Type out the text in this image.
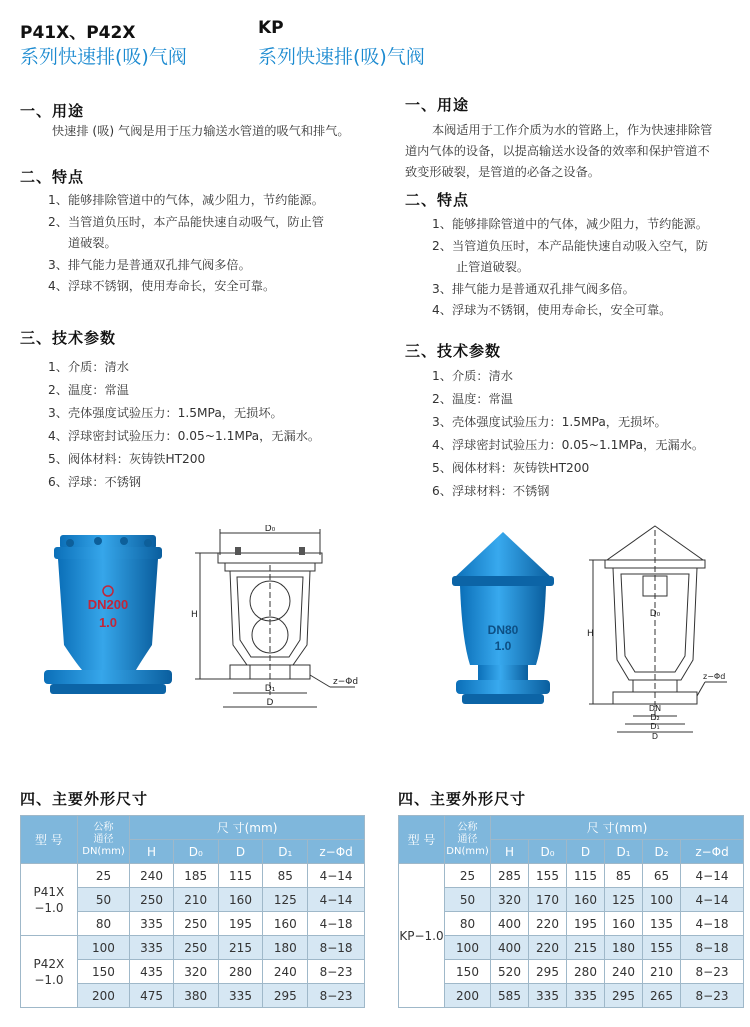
P41X、P42X
系列快速排(吸)气阀
一、用途
快速排 (吸) 气阀是用于压力输送水管道的吸气和排气。
二、特点
1、能够排除管道中的气体，减少阻力，节约能源。
2、当管道负压时，本产品能快速自动吸气，防止管
道破裂。
3、排气能力是普通双孔排气阀多倍。
4、浮球不锈钢，使用寿命长，安全可靠。
三、技术参数
1、介质：清水
2、温度：常温
3、壳体强度试验压力：1.5MPa，无损坏。
4、浮球密封试验压力：0.05~1.1MPa，无漏水。
5、阀体材料：灰铸铁HT200
6、浮球：不锈钢
DN200
1.0
D₀
H
D₁
D
z−Φd
四、主要外形尺寸
型 号	公称
通径
DN(mm)	尺 寸(mm)				
		H	D₀	D	D₁	z−Φd
P41X
−1.0	25	240	185	115	85	4−14
	50	250	210	160	125	4−14
	80	335	250	195	160	4−18
P42X
−1.0	100	335	250	215	180	8−18
	150	435	320	280	240	8−23
	200	475	380	335	295	8−23
KP
系列快速排(吸)气阀
一、用途
本阀适用于工作介质为水的管路上，作为快速排除管
道内气体的设备，以提高输送水设备的效率和保护管道不
致变形破裂，是管道的必备之设备。
二、特点
1、能够排除管道中的气体，减少阻力，节约能源。
2、当管道负压时，本产品能快速自动吸入空气，防
止管道破裂。
3、排气能力是普通双孔排气阀多倍。
4、浮球为不锈钢，使用寿命长，安全可靠。
三、技术参数
1、介质：清水
2、温度：常温
3、壳体强度试验压力：1.5MPa，无损坏。
4、浮球密封试验压力：0.05~1.1MPa，无漏水。
5、阀体材料：灰铸铁HT200
6、浮球材料：不锈钢
DN80
1.0
D₀
H
DN
D₂
D₁
D
z−Φd
四、主要外形尺寸
型 号	公称
通径
DN(mm)	尺 寸(mm)					
		H	D₀	D	D₁	D₂	z−Φd
KP−1.0	25	285	155	115	85	65	4−14
	50	320	170	160	125	100	4−14
	80	400	220	195	160	135	4−18
	100	400	220	215	180	155	8−18
	150	520	295	280	240	210	8−23
	200	585	335	335	295	265	8−23
